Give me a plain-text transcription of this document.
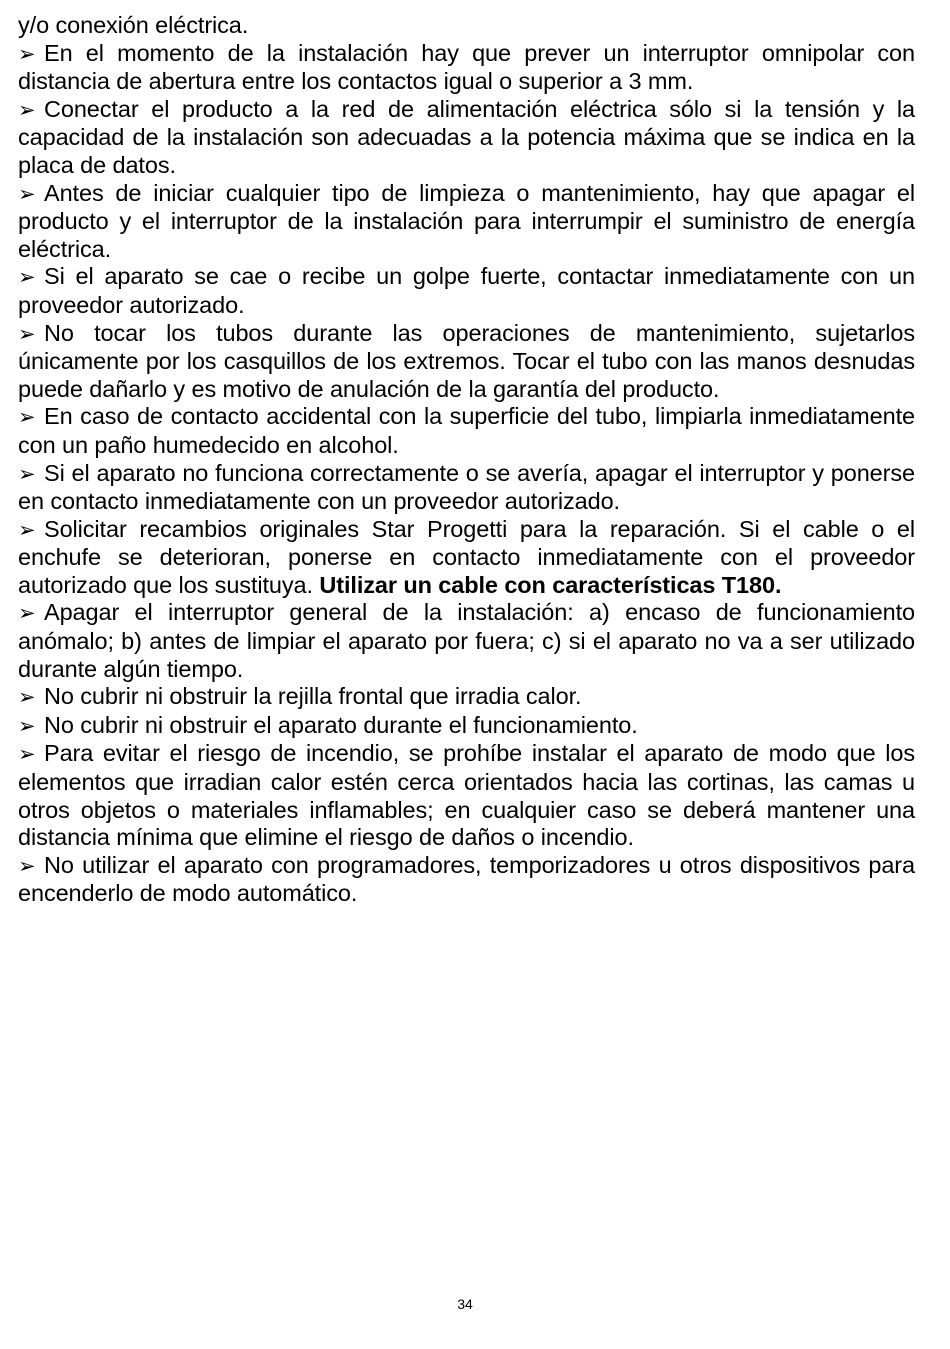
y/o conexión eléctrica.

➢ En el momento de la instalación hay que prever un interruptor omnipolar con distancia de abertura entre los contactos igual o superior a 3 mm.

➢ Conectar el producto a la red de alimentación eléctrica sólo si la tensión y la capacidad de la instalación son adecuadas a la potencia máxima que se indica en la placa de datos.

➢ Antes de iniciar cualquier tipo de limpieza o mantenimiento, hay que apagar el producto y el interruptor de la instalación para interrumpir el suministro de energía eléctrica.

➢ Si el aparato se cae o recibe un golpe fuerte, contactar inmediatamente con un proveedor autorizado.

➢ No tocar los tubos durante las operaciones de mantenimiento, sujetarlos únicamente por los casquillos de los extremos. Tocar el tubo con las manos desnudas puede dañarlo y es motivo de anulación de la garantía del producto.

➢ En caso de contacto accidental con la superficie del tubo, limpiarla inmediatamente con un paño humedecido en alcohol.

➢ Si el aparato no funciona correctamente o se avería, apagar el interruptor y ponerse en contacto inmediatamente con un proveedor autorizado.

➢ Solicitar recambios originales Star Progetti para la reparación. Si el cable o el enchufe se deterioran, ponerse en contacto inmediatamente con el proveedor autorizado que los sustituya. Utilizar un cable con características T180.

➢ Apagar el interruptor general de la instalación: a) encaso de funcionamiento anómalo; b) antes de limpiar el aparato por fuera; c) si el aparato no va a ser utilizado durante algún tiempo.

➢ No cubrir ni obstruir la rejilla frontal que irradia calor.

➢ No cubrir ni obstruir el aparato durante el funcionamiento.

➢ Para evitar el riesgo de incendio, se prohíbe instalar el aparato de modo que los elementos que irradian calor estén cerca orientados hacia las cortinas, las camas u otros objetos o materiales inflamables; en cualquier caso se deberá mantener una distancia mínima que elimine el riesgo de daños o incendio.

➢ No utilizar el aparato con programadores, temporizadores u otros dispositivos para encenderlo de modo automático.

34
